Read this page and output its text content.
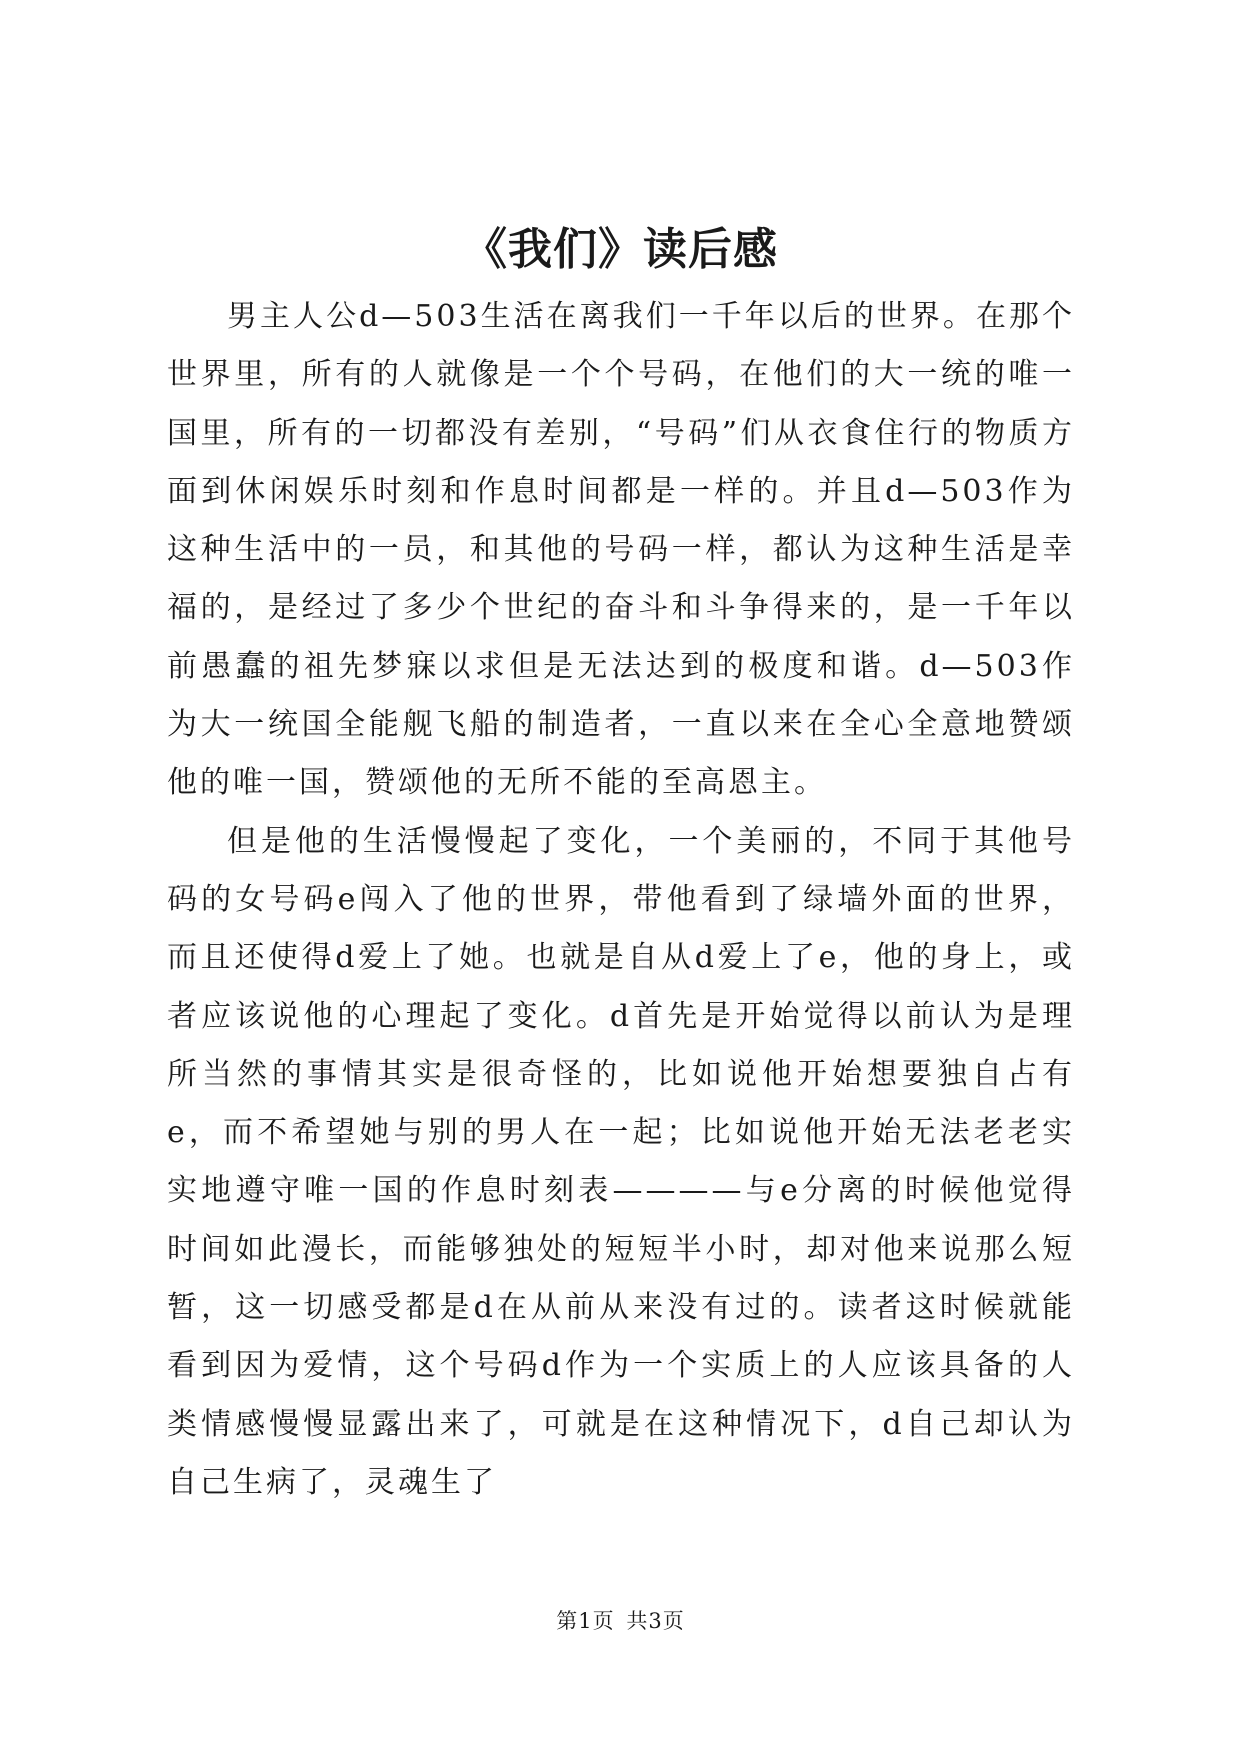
《我们》读后感

男主人公d—503生活在离我们一千年以后的世界。在那个世界里，所有的人就像是一个个号码，在他们的大一统的唯一国里，所有的一切都没有差别，“号码”们从衣食住行的物质方面到休闲娱乐时刻和作息时间都是一样的。并且d—503作为这种生活中的一员，和其他的号码一样，都认为这种生活是幸福的，是经过了多少个世纪的奋斗和斗争得来的，是一千年以前愚蠢的祖先梦寐以求但是无法达到的极度和谐。d—503作为大一统国全能舰飞船的制造者，一直以来在全心全意地赞颂他的唯一国，赞颂他的无所不能的至高恩主。

但是他的生活慢慢起了变化，一个美丽的，不同于其他号码的女号码e闯入了他的世界，带他看到了绿墙外面的世界，而且还使得d爱上了她。也就是自从d爱上了e，他的身上，或者应该说他的心理起了变化。d首先是开始觉得以前认为是理所当然的事情其实是很奇怪的，比如说他开始想要独自占有e，而不希望她与别的男人在一起；比如说他开始无法老老实实地遵守唯一国的作息时刻表————与e分离的时候他觉得时间如此漫长，而能够独处的短短半小时，却对他来说那么短暂，这一切感受都是d在从前从来没有过的。读者这时候就能看到因为爱情，这个号码d作为一个实质上的人应该具备的人类情感慢慢显露出来了，可就是在这种情况下，d自己却认为自己生病了，灵魂生了

第1页 共3页
